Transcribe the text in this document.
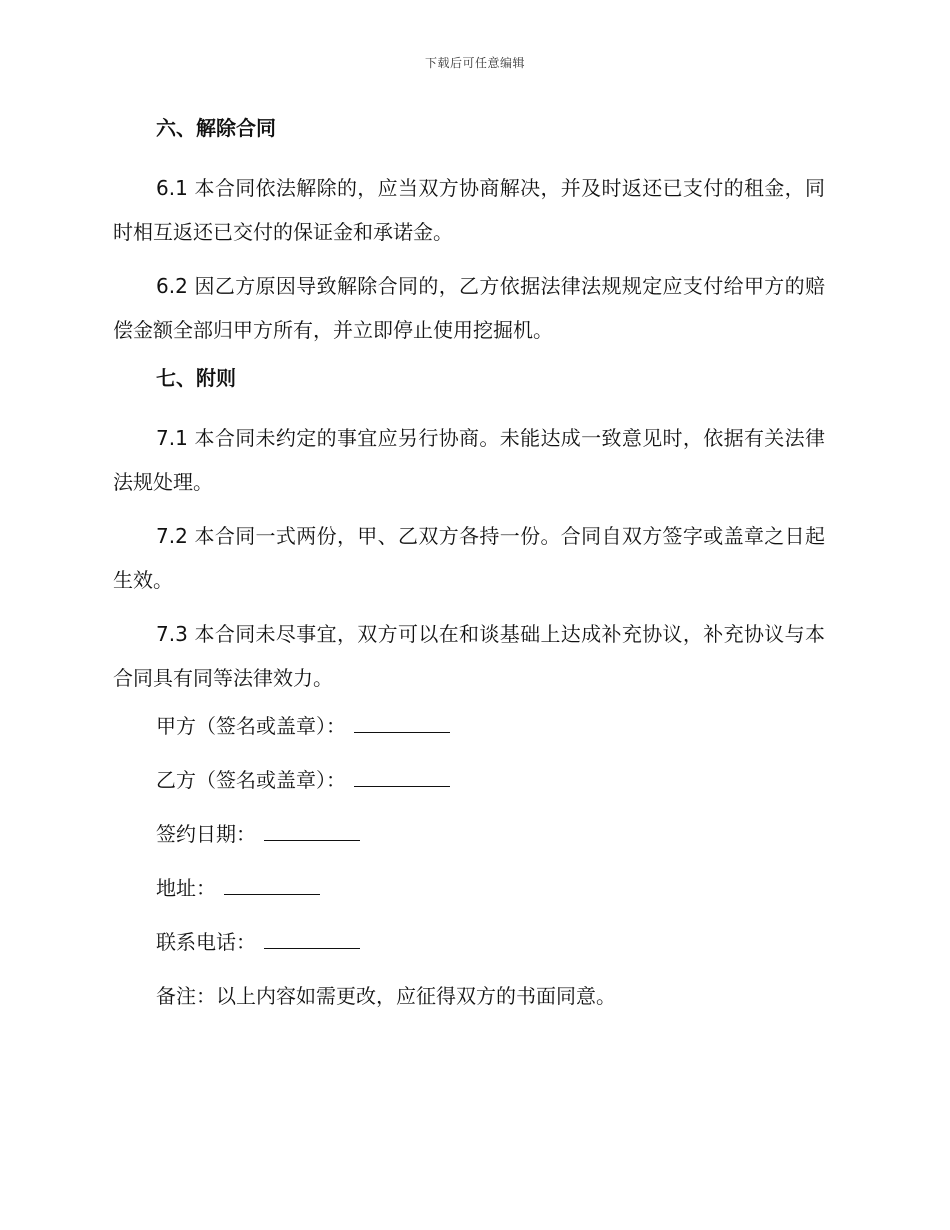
下载后可任意编辑
六、解除合同

6.1 本合同依法解除的，应当双方协商解决，并及时返还已支付的租金，同时相互返还已交付的保证金和承诺金。

6.2 因乙方原因导致解除合同的，乙方依据法律法规规定应支付给甲方的赔偿金额全部归甲方所有，并立即停止使用挖掘机。

七、附则

7.1 本合同未约定的事宜应另行协商。未能达成一致意见时，依据有关法律法规处理。

7.2 本合同一式两份，甲、乙双方各持一份。合同自双方签字或盖章之日起生效。

7.3 本合同未尽事宜，双方可以在和谈基础上达成补充协议，补充协议与本合同具有同等法律效力。

甲方（签名或盖章）：
乙方（签名或盖章）：
签约日期：
地址：
联系电话：
备注：以上内容如需更改，应征得双方的书面同意。
